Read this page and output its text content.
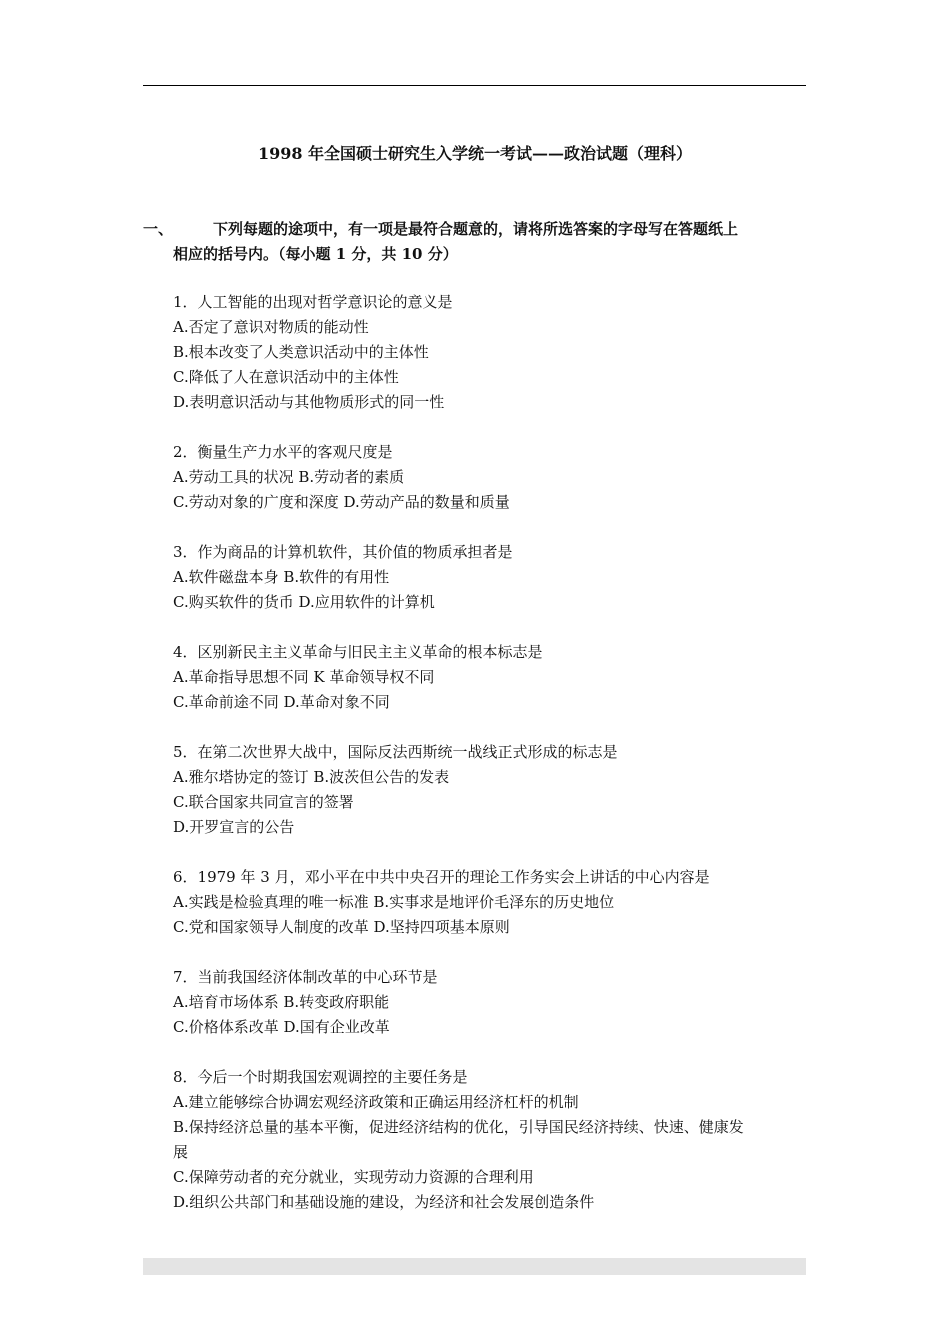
1998 年全国硕士研究生入学统一考试——政治试题（理科）
一、	下列每题的途项中，有一项是最符合题意的，请将所选答案的字母写在答题纸上
相应的括号内。（每小题 1 分，共 10 分）
1．人工智能的出现对哲学意识论的意义是
A.否定了意识对物质的能动性
B.根本改变了人类意识活动中的主体性
C.降低了人在意识活动中的主体性
D.表明意识活动与其他物质形式的同一性
2．衡量生产力水平的客观尺度是
A.劳动工具的状况 B.劳动者的素质
C.劳动对象的广度和深度 D.劳动产品的数量和质量
3．作为商品的计算机软件，其价值的物质承担者是
A.软件磁盘本身 B.软件的有用性
C.购买软件的货币 D.应用软件的计算机
4．区别新民主主义革命与旧民主主义革命的根本标志是
A.革命指导思想不同 K 革命领导权不同
C.革命前途不同 D.革命对象不同
5．在第二次世界大战中，国际反法西斯统一战线正式形成的标志是
A.雅尔塔协定的签订 B.波茨但公告的发表
C.联合国家共同宣言的签署
D.开罗宣言的公告
6．1979 年 3 月，邓小平在中共中央召开的理论工作务实会上讲话的中心内容是
A.实践是检验真理的唯一标准 B.实事求是地评价毛泽东的历史地位
C.党和国家领导人制度的改革 D.坚持四项基本原则
7．当前我国经济体制改革的中心环节是
A.培育市场体系 B.转变政府职能
C.价格体系改革 D.国有企业改革
8．今后一个时期我国宏观调控的主要任务是
A.建立能够综合协调宏观经济政策和正确运用经济杠杆的机制
B.保持经济总量的基本平衡，促进经济结构的优化，引导国民经济持续、快速、健康发
展
C.保障劳动者的充分就业，实现劳动力资源的合理利用
D.组织公共部门和基础设施的建设，为经济和社会发展创造条件
